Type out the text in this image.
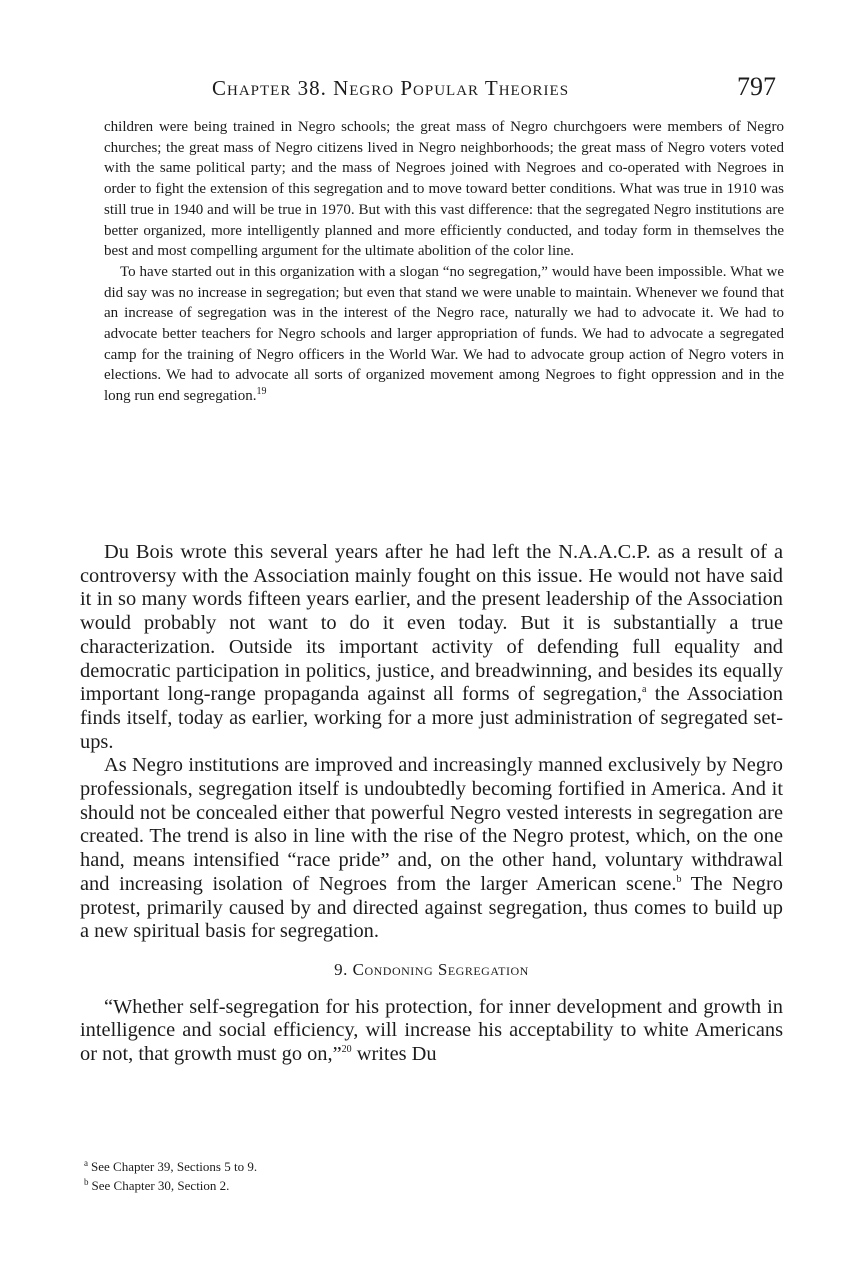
Chapter 38. Negro Popular Theories	797

children were being trained in Negro schools; the great mass of Negro churchgoers were members of Negro churches; the great mass of Negro citizens lived in Negro neighborhoods; the great mass of Negro voters voted with the same political party; and the mass of Negroes joined with Negroes and co-operated with Negroes in order to fight the extension of this segregation and to move toward better conditions. What was true in 1910 was still true in 1940 and will be true in 1970. But with this vast difference: that the segregated Negro institutions are better organized, more intelligently planned and more efficiently conducted, and today form in themselves the best and most compelling argument for the ultimate abolition of the color line.

To have started out in this organization with a slogan “no segregation,” would have been impossible. What we did say was no increase in segregation; but even that stand we were unable to maintain. Whenever we found that an increase of segregation was in the interest of the Negro race, naturally we had to advocate it. We had to advocate better teachers for Negro schools and larger appropriation of funds. We had to advocate a segregated camp for the training of Negro officers in the World War. We had to advocate group action of Negro voters in elections. We had to advocate all sorts of organized movement among Negroes to fight oppression and in the long run end segregation.$^{19}$

Du Bois wrote this several years after he had left the N.A.A.C.P. as a result of a controversy with the Association mainly fought on this issue. He would not have said it in so many words fifteen years earlier, and the present leadership of the Association would probably not want to do it even today. But it is substantially a true characterization. Outside its important activity of defending full equality and democratic participation in politics, justice, and breadwinning, and besides its equally important long-range propaganda against all forms of segregation,$^a$ the Association finds itself, today as earlier, working for a more just administration of segregated set-ups.

As Negro institutions are improved and increasingly manned exclusively by Negro professionals, segregation itself is undoubtedly becoming fortified in America. And it should not be concealed either that powerful Negro vested interests in segregation are created. The trend is also in line with the rise of the Negro protest, which, on the one hand, means intensified “race pride” and, on the other hand, voluntary withdrawal and increasing isolation of Negroes from the larger American scene.$^b$ The Negro protest, primarily caused by and directed against segregation, thus comes to build up a new spiritual basis for segregation.

9. Condoning Segregation

“Whether self-segregation for his protection, for inner development and growth in intelligence and social efficiency, will increase his acceptability to white Americans or not, that growth must go on,”$^{20}$ writes Du

$^a$ See Chapter 39, Sections 5 to 9.
$^b$ See Chapter 30, Section 2.
